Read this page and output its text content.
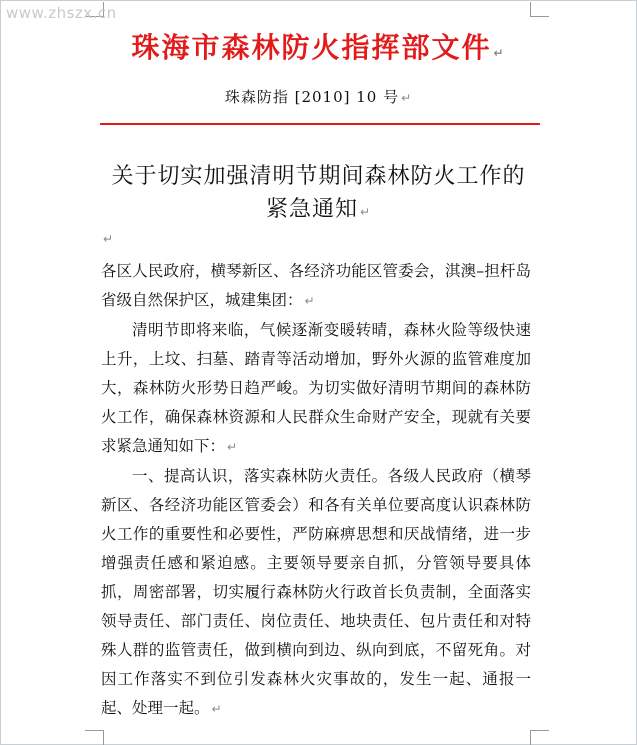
www.zhszx.cn
珠海市森林防火指挥部文件 ↵
珠森防指 [2010] 10 号 ↵
关于切实加强清明节期间森林防火工作的
紧急通知 ↵
↵

各区人民政府，横琴新区、各经济功能区管委会，淇澳–担杆岛省级自然保护区，城建集团： ↵

清明节即将来临，气候逐渐变暖转晴，森林火险等级快速上升，上坟、扫墓、踏青等活动增加，野外火源的监管难度加大，森林防火形势日趋严峻。为切实做好清明节期间的森林防火工作，确保森林资源和人民群众生命财产安全，现就有关要求紧急通知如下： ↵

一、提高认识，落实森林防火责任。各级人民政府（横琴新区、各经济功能区管委会）和各有关单位要高度认识森林防火工作的重要性和必要性，严防麻痹思想和厌战情绪，进一步增强责任感和紧迫感。主要领导要亲自抓，分管领导要具体抓，周密部署，切实履行森林防火行政首长负责制，全面落实领导责任、部门责任、岗位责任、地块责任、包片责任和对特殊人群的监管责任，做到横向到边、纵向到底，不留死角。对因工作落实不到位引发森林火灾事故的，发生一起、通报一起、处理一起。 ↵
